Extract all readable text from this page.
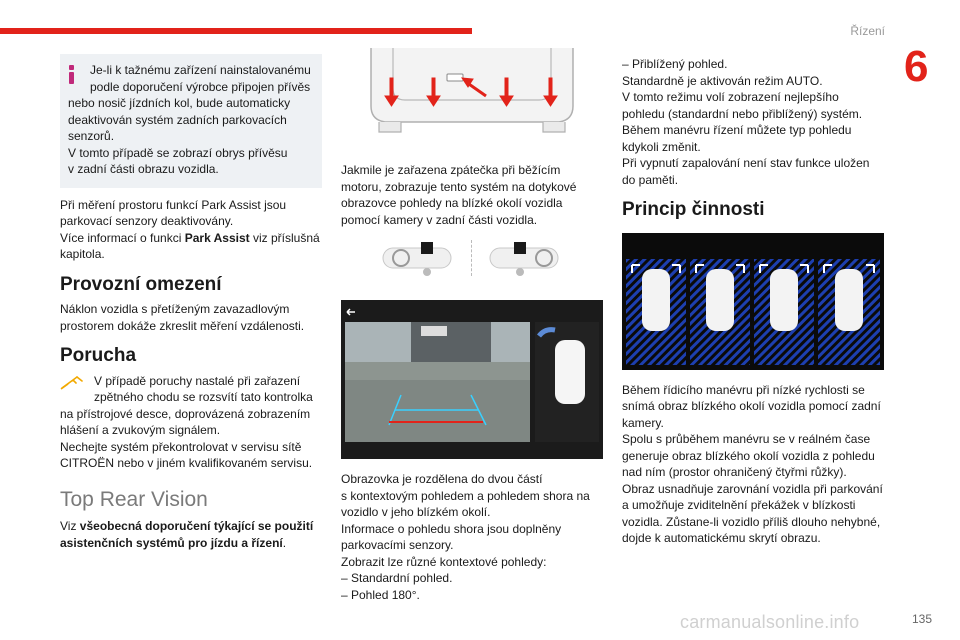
Řízení
6
Je-li k tažnému zařízení nainstalovanému
podle doporučení výrobce připojen přívěs
nebo nosič jízdních kol, bude automaticky
deaktivován systém zadních parkovacích
senzorů.
V tomto případě se zobrazí obrys přívěsu
v zadní části obrazu vozidla.

Při měření prostoru funkcí Park Assist jsou

parkovací senzory deaktivovány.

Více informací o funkci Park Assist viz příslušná

kapitola.

Provozní omezení

Náklon vozidla s přetíženým zavazadlovým

prostorem dokáže zkreslit měření vzdálenosti.

Porucha
V případě poruchy nastalé při zařazení
zpětného chodu se rozsvítí tato kontrolka

na přístrojové desce, doprovázená zobrazením

hlášení a zvukovým signálem.

Nechejte systém překontrolovat v servisu sítě

CITROËN nebo v jiném kvalifikovaném servisu.

Top Rear Vision

Viz všeobecná doporučení týkající se použití

asistenčních systémů pro jízdu a řízení.

Jakmile je zařazena zpátečka při běžícím

motoru, zobrazuje tento systém na dotykové

obrazovce pohledy na blízké okolí vozidla

pomocí kamery v zadní části vozidla.

Obrazovka je rozdělena do dvou částí

s kontextovým pohledem a pohledem shora na

vozidlo v jeho blízkém okolí.

Informace o pohledu shora jsou doplněny

parkovacími senzory.

Zobrazit lze různé kontextové pohledy:

– Standardní pohled.

– Pohled 180°.

– Přiblížený pohled.

Standardně je aktivován režim AUTO.

V tomto režimu volí zobrazení nejlepšího

pohledu (standardní nebo přiblížený) systém.

Během manévru řízení můžete typ pohledu

kdykoli změnit.

Při vypnutí zapalování není stav funkce uložen

do paměti.

Princip činnosti

Během řídicího manévru při nízké rychlosti se

snímá obraz blízkého okolí vozidla pomocí zadní

kamery.

Spolu s průběhem manévru se v reálném čase

generuje obraz blízkého okolí vozidla z pohledu

nad ním (prostor ohraničený čtyřmi růžky).

Obraz usnadňuje zarovnání vozidla při parkování

a umožňuje zviditelnění překážek v blízkosti

vozidla. Zůstane-li vozidlo příliš dlouho nehybné,

dojde k automatickému skrytí obrazu.

carmanualsonline.info	135
